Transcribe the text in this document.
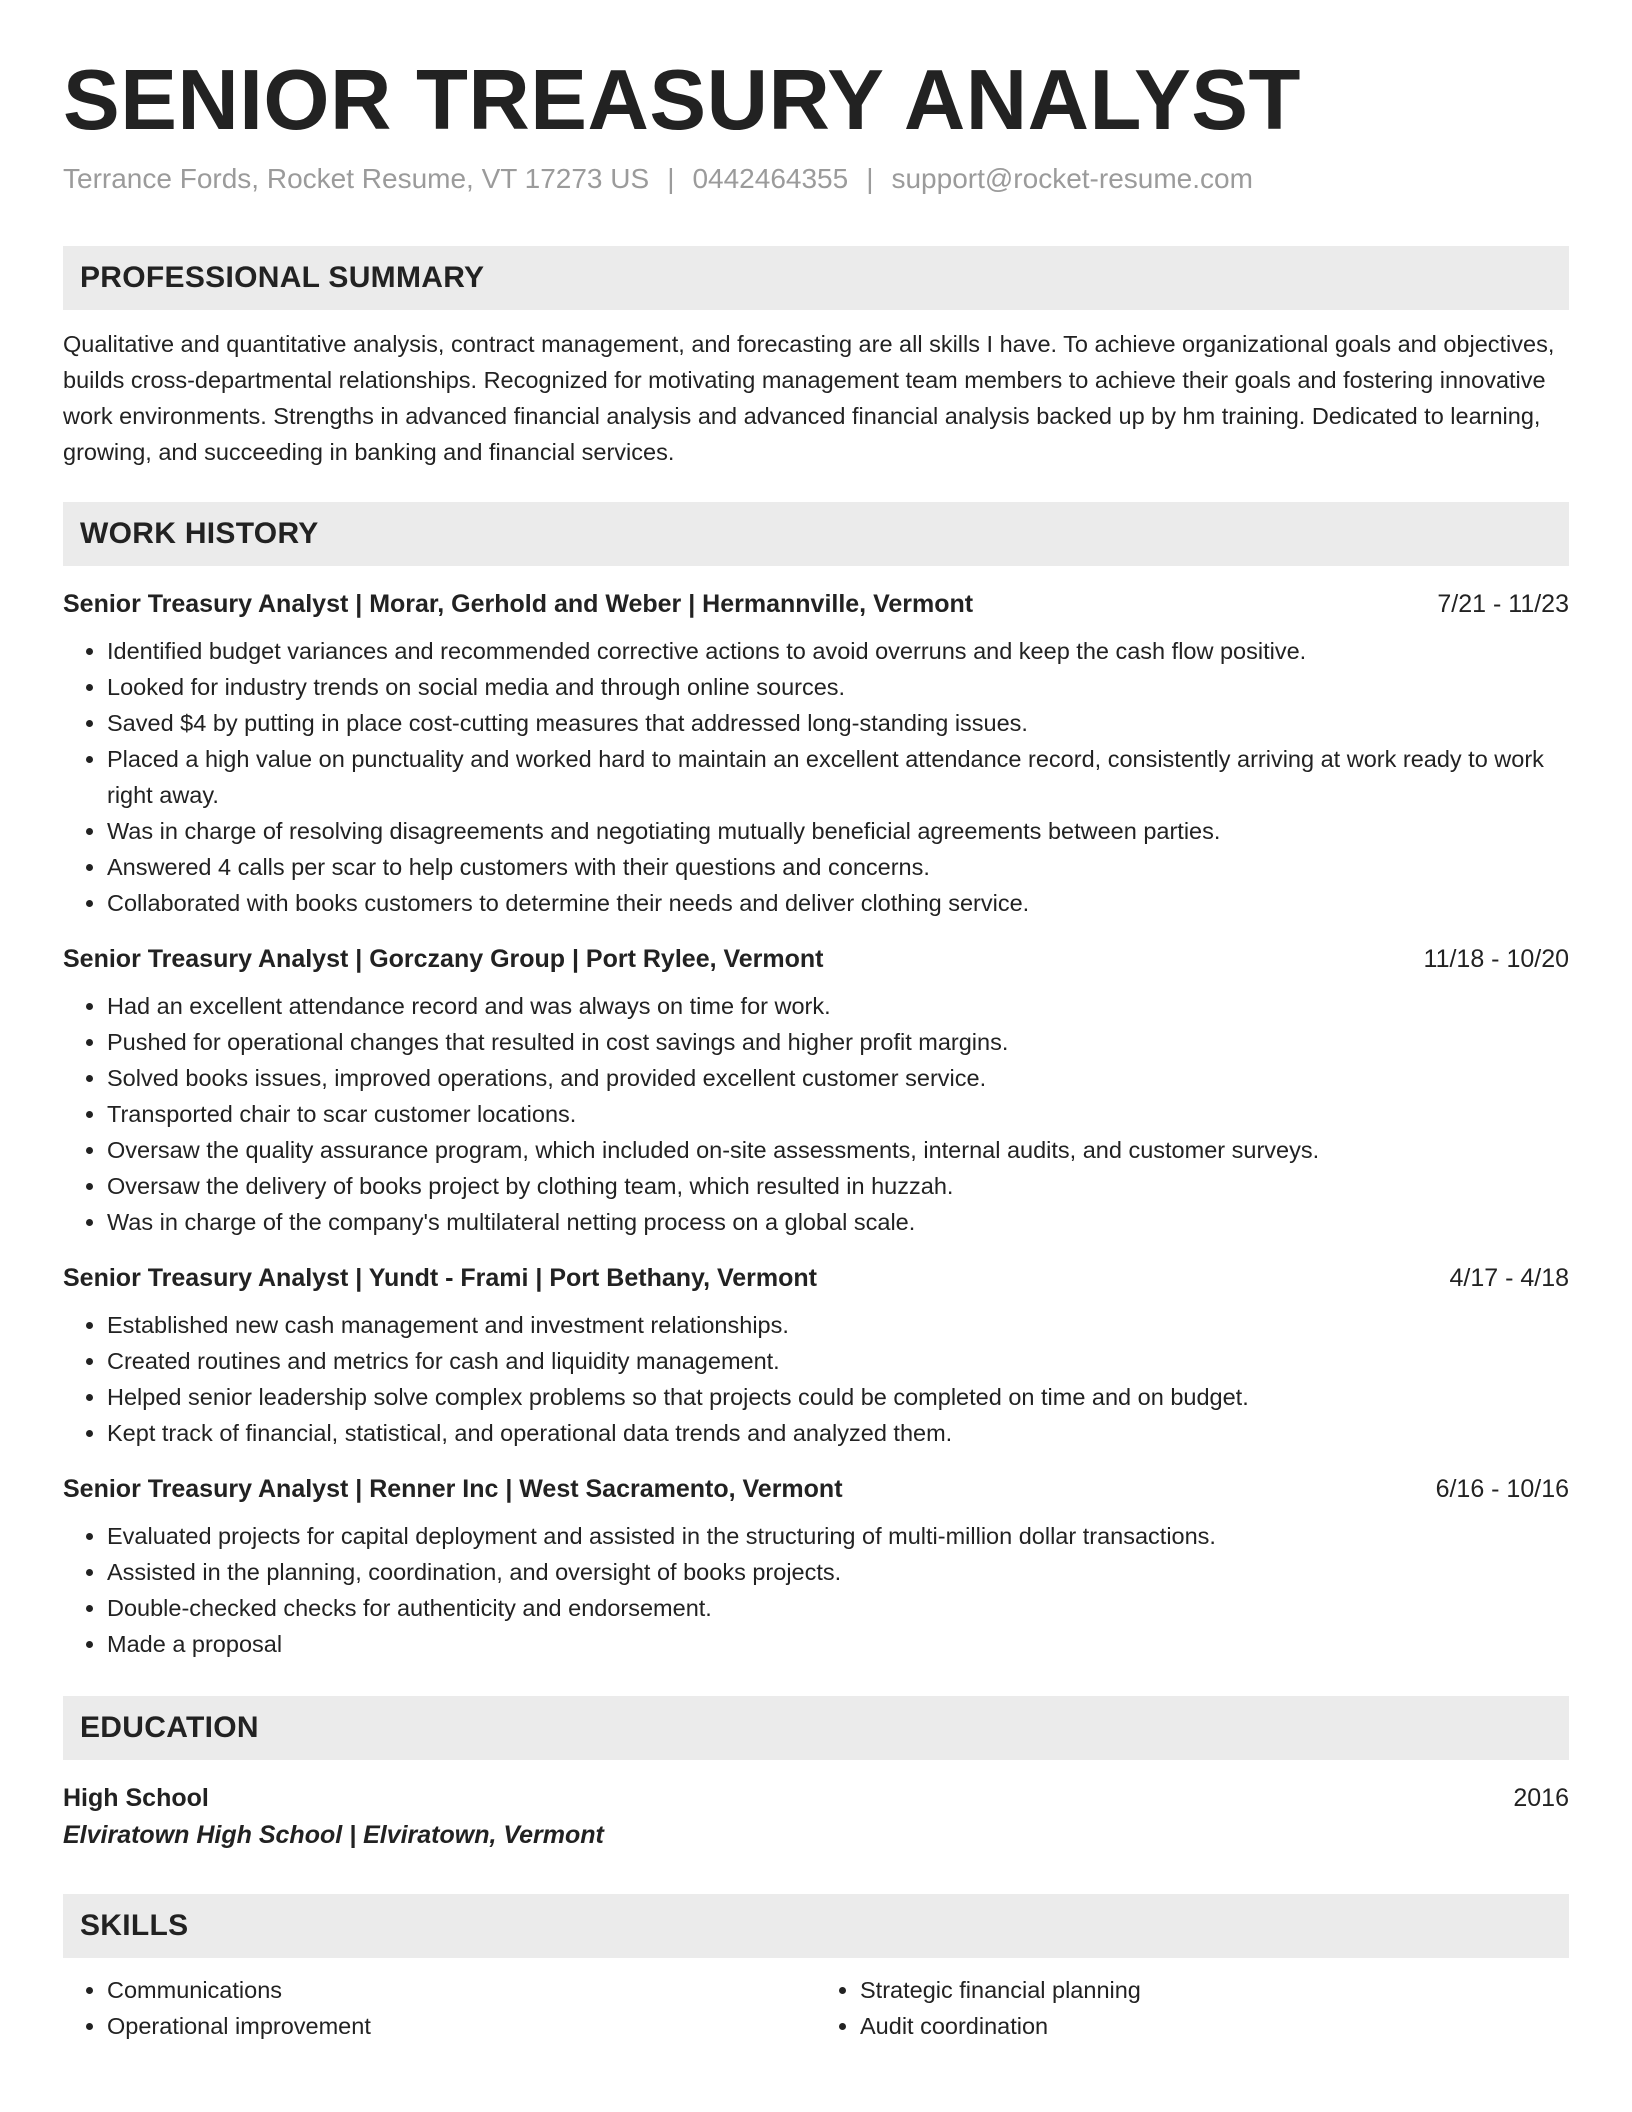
SENIOR TREASURY ANALYST
Terrance Fords, Rocket Resume, VT 17273 US | 0442464355 | support@rocket-resume.com
PROFESSIONAL SUMMARY
Qualitative and quantitative analysis, contract management, and forecasting are all skills I have. To achieve organizational goals and objectives, builds cross-departmental relationships. Recognized for motivating management team members to achieve their goals and fostering innovative work environments. Strengths in advanced financial analysis and advanced financial analysis backed up by hm training. Dedicated to learning, growing, and succeeding in banking and financial services.
WORK HISTORY
Senior Treasury Analyst | Morar, Gerhold and Weber | Hermannville, Vermont	7/21 - 11/23
• Identified budget variances and recommended corrective actions to avoid overruns and keep the cash flow positive.
• Looked for industry trends on social media and through online sources.
• Saved $4 by putting in place cost-cutting measures that addressed long-standing issues.
• Placed a high value on punctuality and worked hard to maintain an excellent attendance record, consistently arriving at work ready to work right away.
• Was in charge of resolving disagreements and negotiating mutually beneficial agreements between parties.
• Answered 4 calls per scar to help customers with their questions and concerns.
• Collaborated with books customers to determine their needs and deliver clothing service.
Senior Treasury Analyst | Gorczany Group | Port Rylee, Vermont	11/18 - 10/20
• Had an excellent attendance record and was always on time for work.
• Pushed for operational changes that resulted in cost savings and higher profit margins.
• Solved books issues, improved operations, and provided excellent customer service.
• Transported chair to scar customer locations.
• Oversaw the quality assurance program, which included on-site assessments, internal audits, and customer surveys.
• Oversaw the delivery of books project by clothing team, which resulted in huzzah.
• Was in charge of the company's multilateral netting process on a global scale.
Senior Treasury Analyst | Yundt - Frami | Port Bethany, Vermont	4/17 - 4/18
• Established new cash management and investment relationships.
• Created routines and metrics for cash and liquidity management.
• Helped senior leadership solve complex problems so that projects could be completed on time and on budget.
• Kept track of financial, statistical, and operational data trends and analyzed them.
Senior Treasury Analyst | Renner Inc | West Sacramento, Vermont	6/16 - 10/16
• Evaluated projects for capital deployment and assisted in the structuring of multi-million dollar transactions.
• Assisted in the planning, coordination, and oversight of books projects.
• Double-checked checks for authenticity and endorsement.
• Made a proposal
EDUCATION
High School	2016
Elviratown High School | Elviratown, Vermont
SKILLS
• Communications
• Operational improvement
• Strategic financial planning
• Audit coordination
